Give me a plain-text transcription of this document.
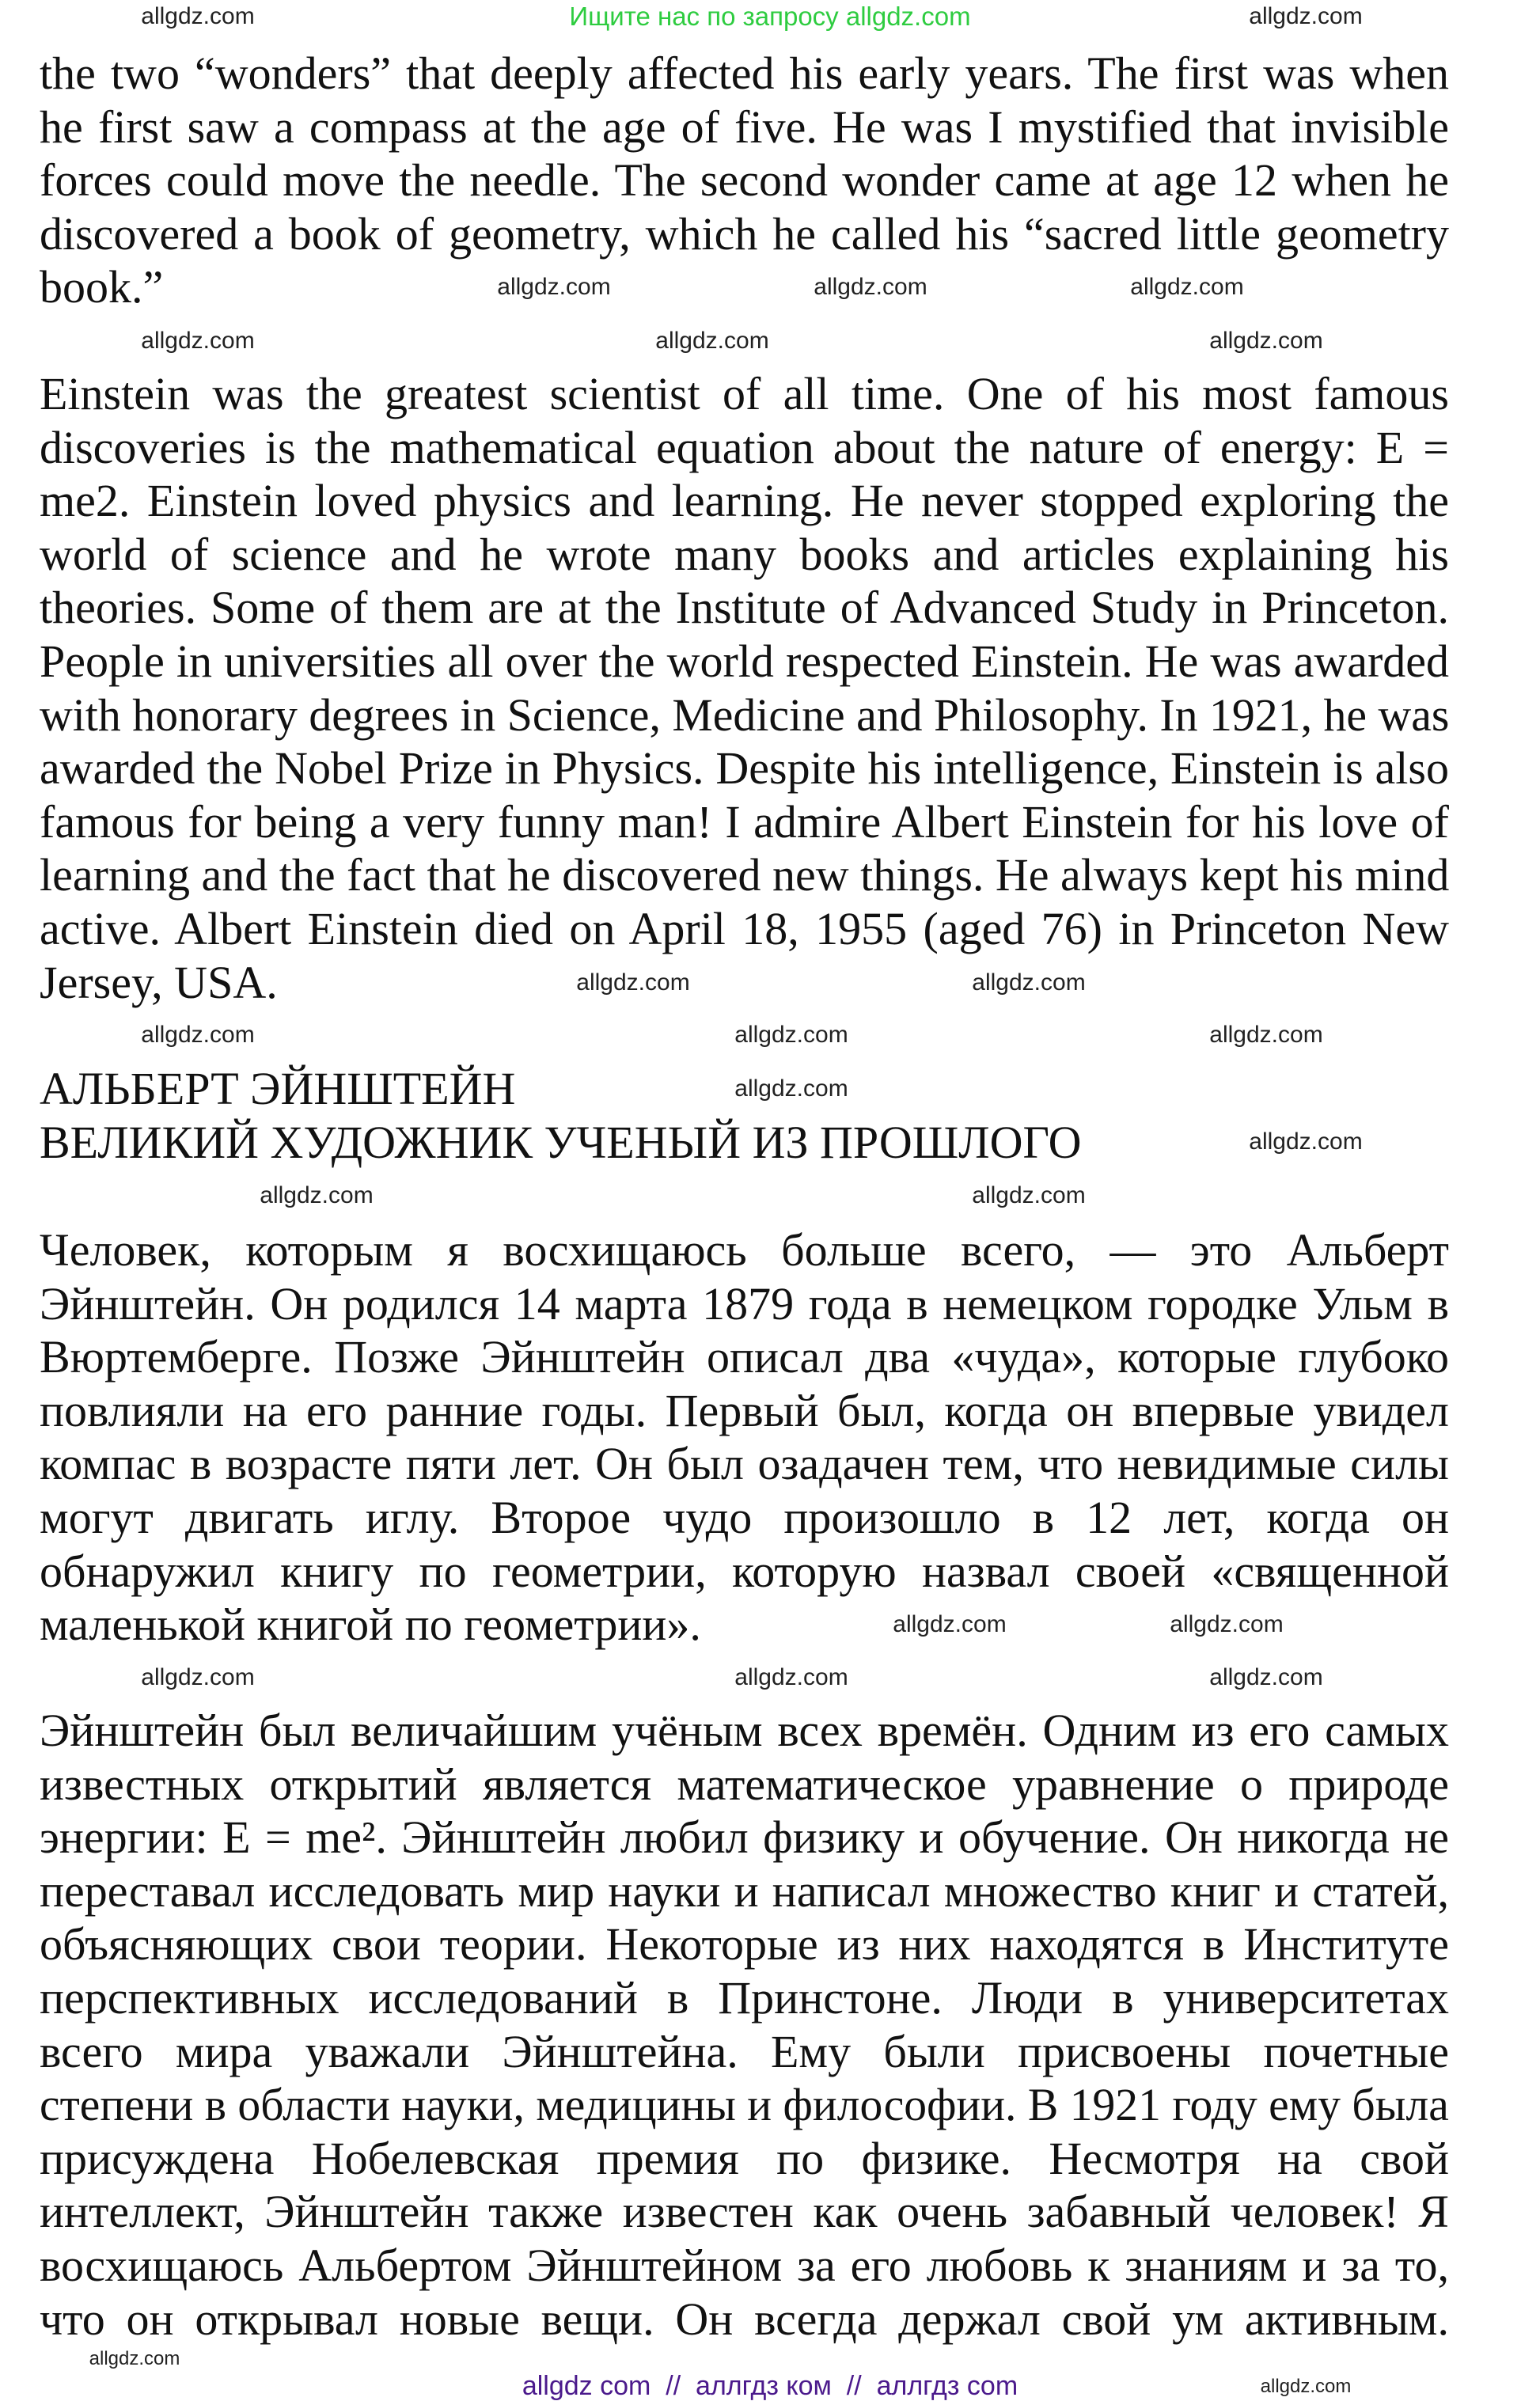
Ищите нас по запросу allgdz.com
the two “wonders” that deeply affected his early years. The first was when
he first saw a compass at the age of five. He was I mystified that invisible
forces could move the needle. The second wonder came at age 12 when he
discovered a book of geometry, which he called his “sacred little geometry
book.”
Einstein was the greatest scientist of all time. One of his most famous
discoveries is the mathematical equation about the nature of energy: E =
me2. Einstein loved physics and learning. He never stopped exploring the
world of science and he wrote many books and articles explaining his
theories. Some of them are at the Institute of Advanced Study in Princeton.
People in universities all over the world respected Einstein. He was awarded
with honorary degrees in Science, Medicine and Philosophy. In 1921, he was
awarded the Nobel Prize in Physics. Despite his intelligence, Einstein is also
famous for being a very funny man! I admire Albert Einstein for his love of
learning and the fact that he discovered new things. He always kept his mind
active. Albert Einstein died on April 18, 1955 (aged 76) in Princeton New
Jersey, USA.
АЛЬБЕРТ ЭЙНШТЕЙН
ВЕЛИКИЙ ХУДОЖНИК УЧЕНЫЙ ИЗ ПРОШЛОГО
Человек, которым я восхищаюсь больше всего, — это Альберт
Эйнштейн. Он родился 14 марта 1879 года в немецком городке Ульм в
Вюртемберге. Позже Эйнштейн описал два «чуда», которые глубоко
повлияли на его ранние годы. Первый был, когда он впервые увидел
компас в возрасте пяти лет. Он был озадачен тем, что невидимые силы
могут двигать иглу. Второе чудо произошло в 12 лет, когда он
обнаружил книгу по геометрии, которую назвал своей «священной
маленькой книгой по геометрии».
Эйнштейн был величайшим учёным всех времён. Одним из его самых
известных открытий является математическое уравнение о природе
энергии: E = me². Эйнштейн любил физику и обучение. Он никогда не
переставал исследовать мир науки и написал множество книг и статей,
объясняющих свои теории. Некоторые из них находятся в Институте
перспективных исследований в Принстоне. Люди в университетах
всего мира уважали Эйнштейна. Ему были присвоены почетные
степени в области науки, медицины и философии. В 1921 году ему была
присуждена Нобелевская премия по физике. Несмотря на свой
интеллект, Эйнштейн также известен как очень забавный человек! Я
восхищаюсь Альбертом Эйнштейном за его любовь к знаниям и за то,
что он открывал новые вещи. Он всегда держал свой ум активным.
allgdz.com	allgdz.com
allgdz.com	allgdz.com	allgdz.com
allgdz.com	allgdz.com	allgdz.com
allgdz.com	allgdz.com
allgdz.com	allgdz.com	allgdz.com
allgdz.com
allgdz.com
allgdz.com	allgdz.com
allgdz.com	allgdz.com
allgdz.com	allgdz.com	allgdz.com
allgdz.com
allgdz.com
allgdz com  //  аллгдз ком  //  аллгдз com
